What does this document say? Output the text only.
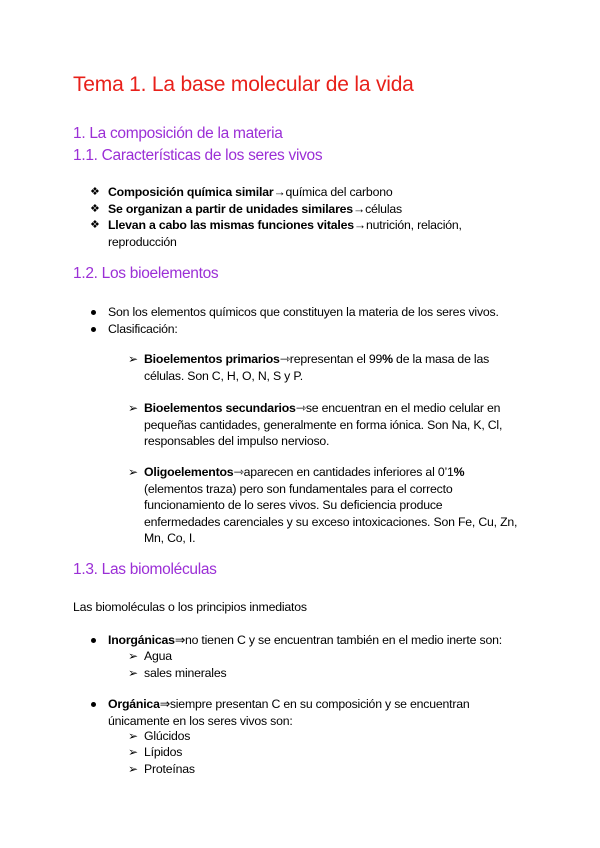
Tema 1. La base molecular de la vida
1. La composición de la materia
1.1. Características de los seres vivos
❖ Composición química similar→química del carbono
❖ Se organizan a partir de unidades similares→células
❖ Llevan a cabo las mismas funciones vitales→nutrición, relación,
reproducción
1.2. Los bioelementos
Son los elementos químicos que constituyen la materia de los seres vivos.
Clasificación:
➢ Bioelementos primarios⇾representan el 99% de la masa de las
células. Son C, H, O, N, S y P.
➢ Bioelementos secundarios⇾se encuentran en el medio celular en
pequeñas cantidades, generalmente en forma iónica. Son Na, K, Cl,
responsables del impulso nervioso.
➢ Oligoelementos⇾aparecen en cantidades inferiores al 0’1%
(elementos traza) pero son fundamentales para el correcto
funcionamiento de lo seres vivos. Su deficiencia produce
enfermedades carenciales y su exceso intoxicaciones. Son Fe, Cu, Zn,
Mn, Co, I.
1.3. Las biomoléculas
Las biomoléculas o los principios inmediatos
Inorgánicas⇒no tienen C y se encuentran también en el medio inerte son:
➢ Agua
➢ sales minerales
Orgánica⇒siempre presentan C en su composición y se encuentran
únicamente en los seres vivos son:
➢ Glúcidos
➢ Lípidos
➢ Proteínas
